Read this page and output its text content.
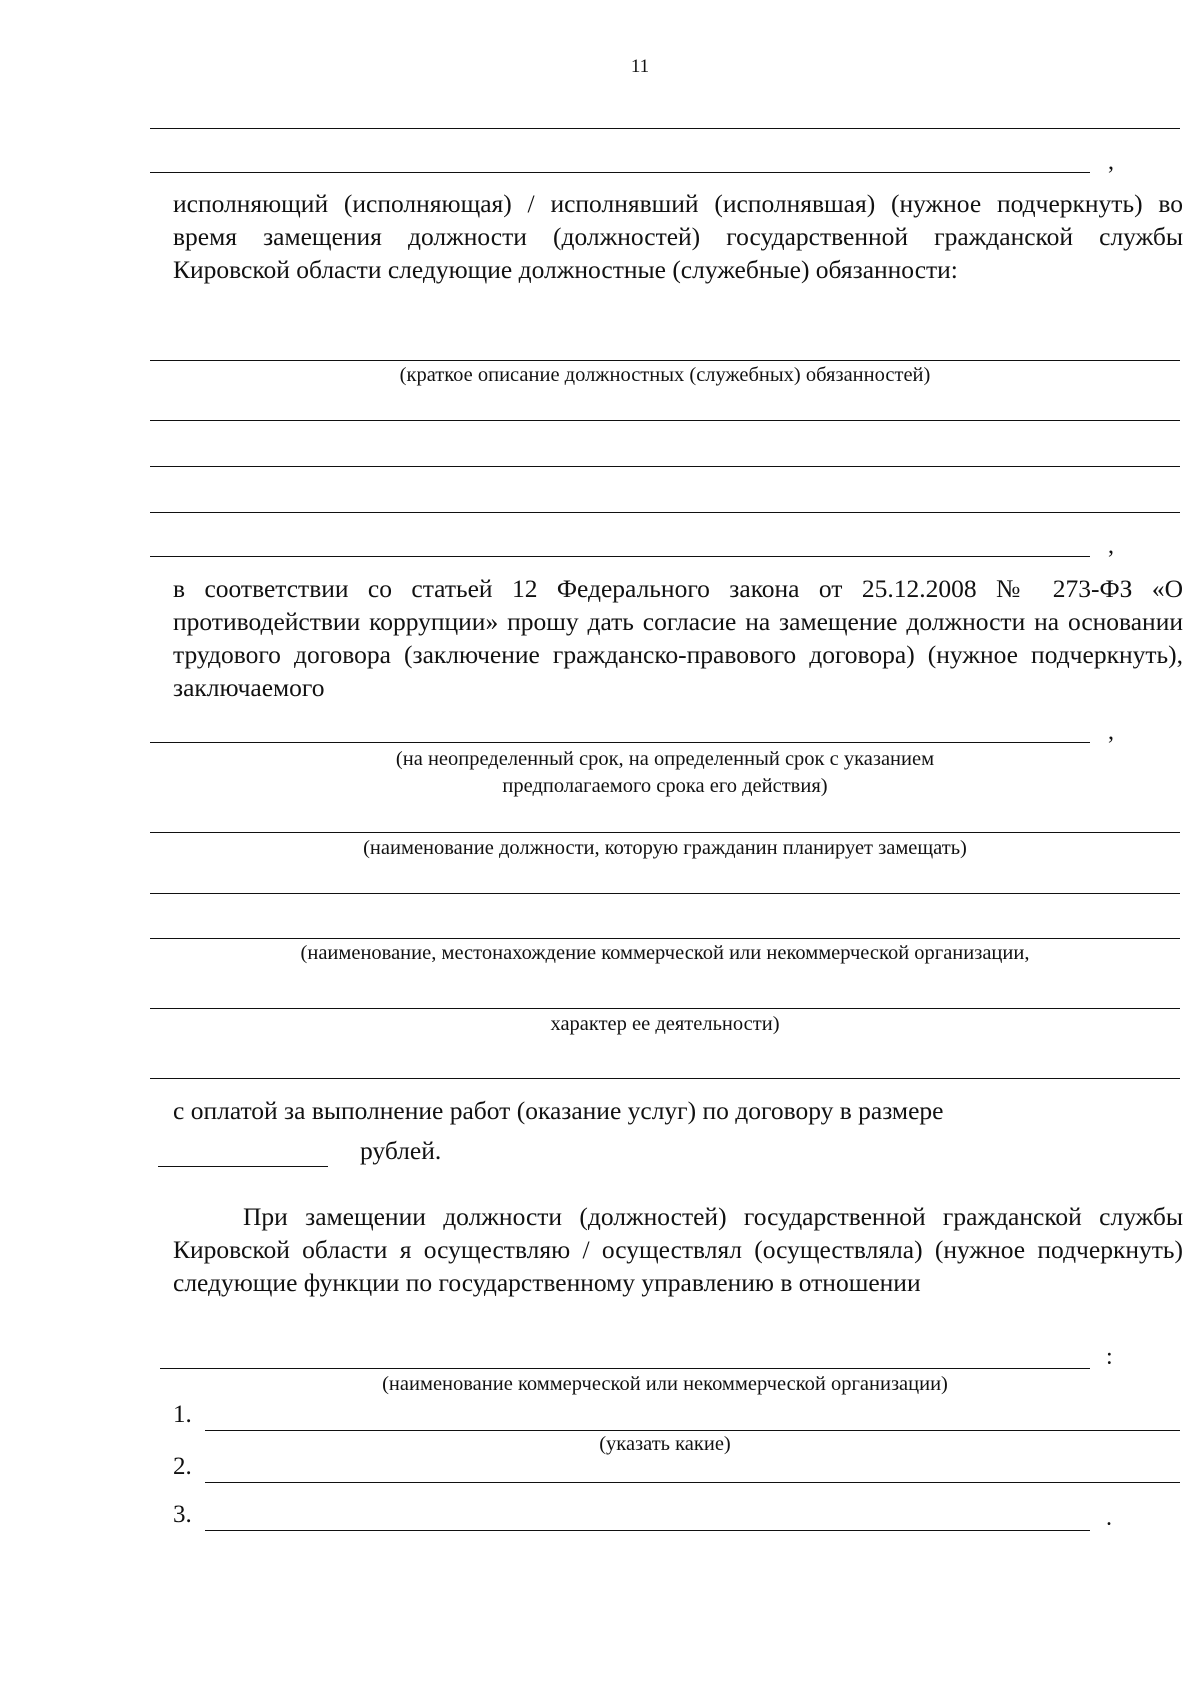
11
,
исполняющий (исполняющая) / исполнявший (исполнявшая) (нужное подчеркнуть) во время замещения должности (должностей) государственной гражданской службы Кировской области следующие должностные (служебные) обязанности:
(краткое описание должностных (служебных) обязанностей)
,
в соответствии со статьей 12 Федерального закона от 25.12.2008 № 273-ФЗ «О противодействии коррупции» прошу дать согласие на замещение должности на основании трудового договора (заключение гражданско-правового договора) (нужное подчеркнуть), заключаемого
,
(на неопределенный срок, на определенный срок с указанием
предполагаемого срока его действия)
(наименование должности, которую гражданин планирует замещать)
(наименование, местонахождение коммерческой или некоммерческой организации,
характер ее деятельности)
с оплатой за выполнение работ (оказание услуг) по договору в размере
рублей.
При замещении должности (должностей) государственной гражданской службы Кировской области я осуществляю / осуществлял (осуществляла) (нужное подчеркнуть) следующие функции по государственному управлению в отношении
:
(наименование коммерческой или некоммерческой организации)
1.
(указать какие)
2.
3.	.
